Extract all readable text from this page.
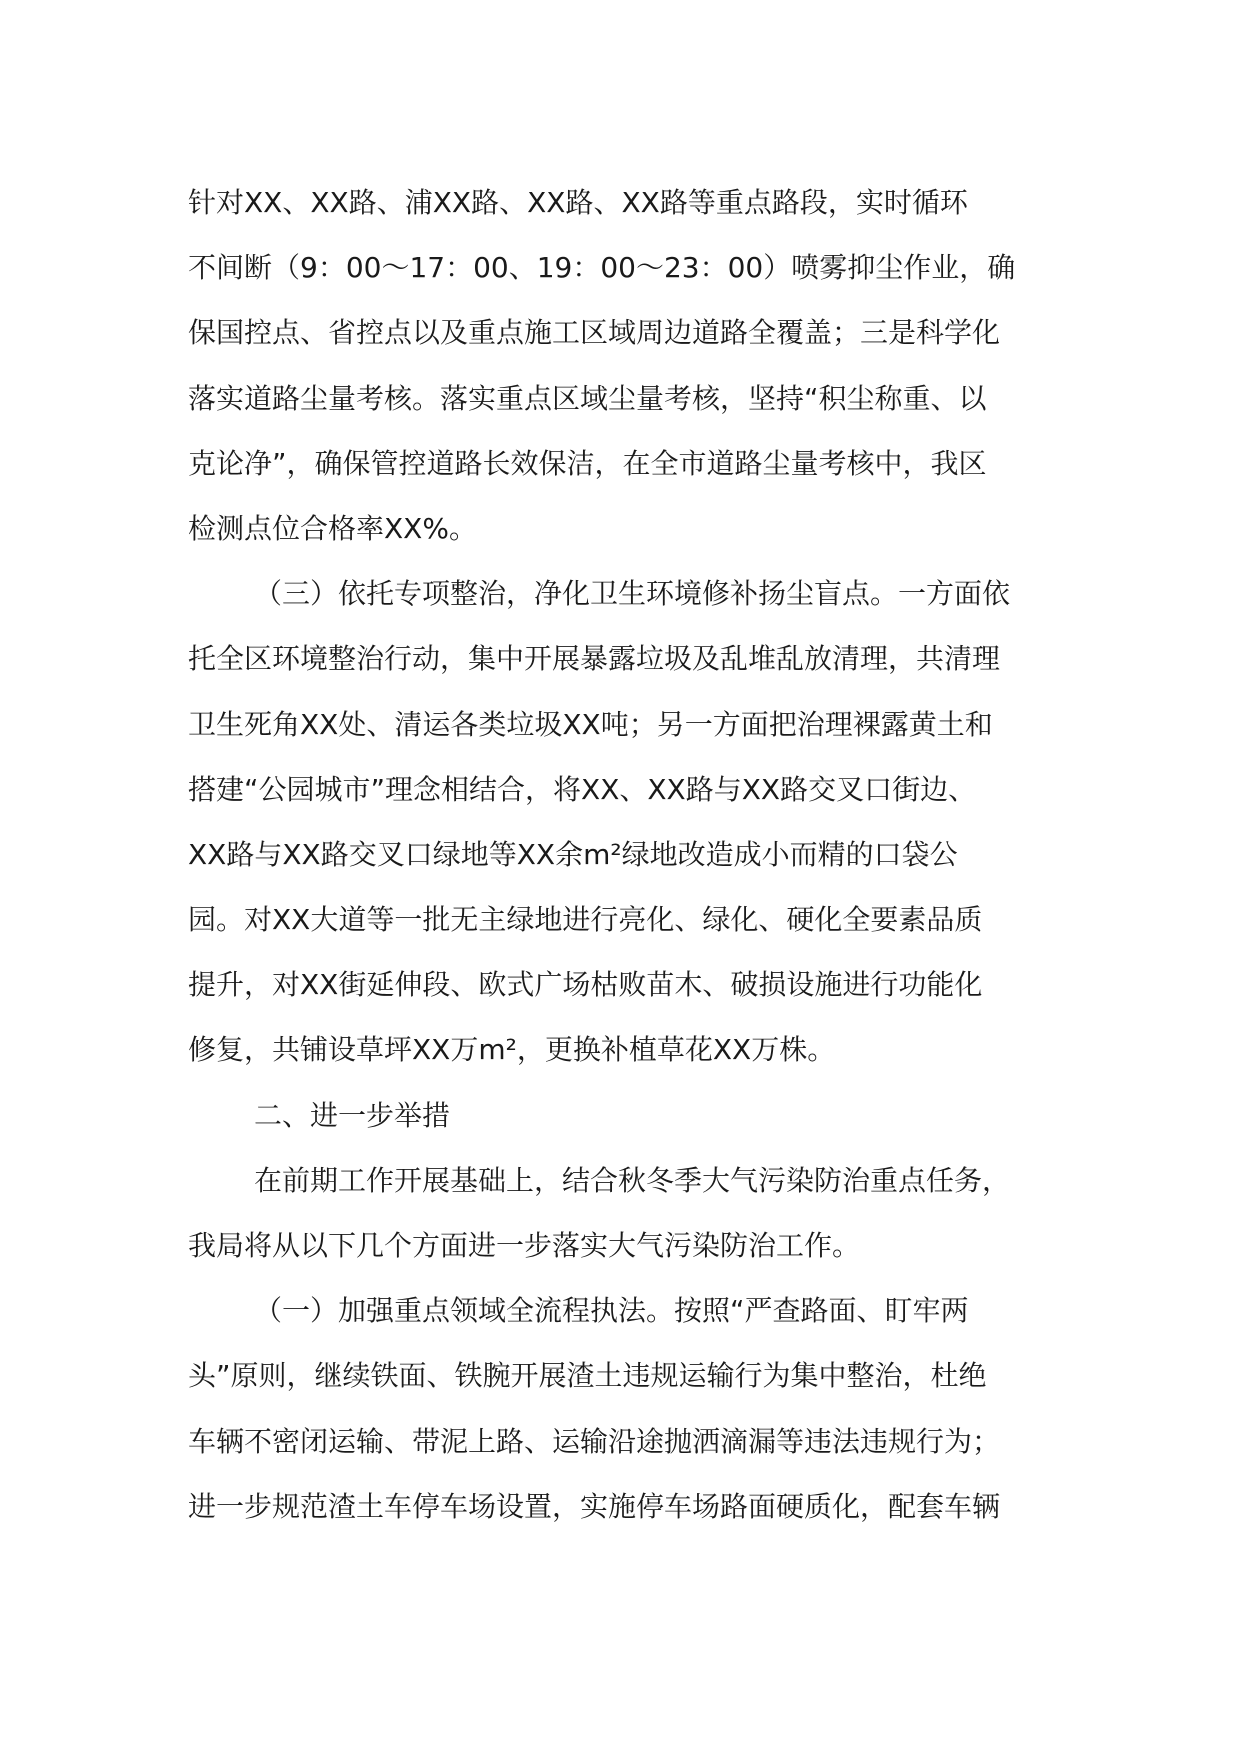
针对XX、XX路、浦XX路、XX路、XX路等重点路段，实时循环
不间断（9：00～17：00、19：00～23：00）喷雾抑尘作业，确
保国控点、省控点以及重点施工区域周边道路全覆盖；三是科学化
落实道路尘量考核。落实重点区域尘量考核，坚持“积尘称重、以
克论净”，确保管控道路长效保洁，在全市道路尘量考核中，我区
检测点位合格率XX%。
（三）依托专项整治，净化卫生环境修补扬尘盲点。一方面依
托全区环境整治行动，集中开展暴露垃圾及乱堆乱放清理，共清理
卫生死角XX处、清运各类垃圾XX吨；另一方面把治理裸露黄土和
搭建“公园城市”理念相结合，将XX、XX路与XX路交叉口街边、
XX路与XX路交叉口绿地等XX余m²绿地改造成小而精的口袋公
园。对XX大道等一批无主绿地进行亮化、绿化、硬化全要素品质
提升，对XX街延伸段、欧式广场枯败苗木、破损设施进行功能化
修复，共铺设草坪XX万m²，更换补植草花XX万株。
二、进一步举措
在前期工作开展基础上，结合秋冬季大气污染防治重点任务，
我局将从以下几个方面进一步落实大气污染防治工作。
（一）加强重点领域全流程执法。按照“严查路面、盯牢两
头”原则，继续铁面、铁腕开展渣土违规运输行为集中整治，杜绝
车辆不密闭运输、带泥上路、运输沿途抛洒滴漏等违法违规行为；
进一步规范渣土车停车场设置，实施停车场路面硬质化，配套车辆
